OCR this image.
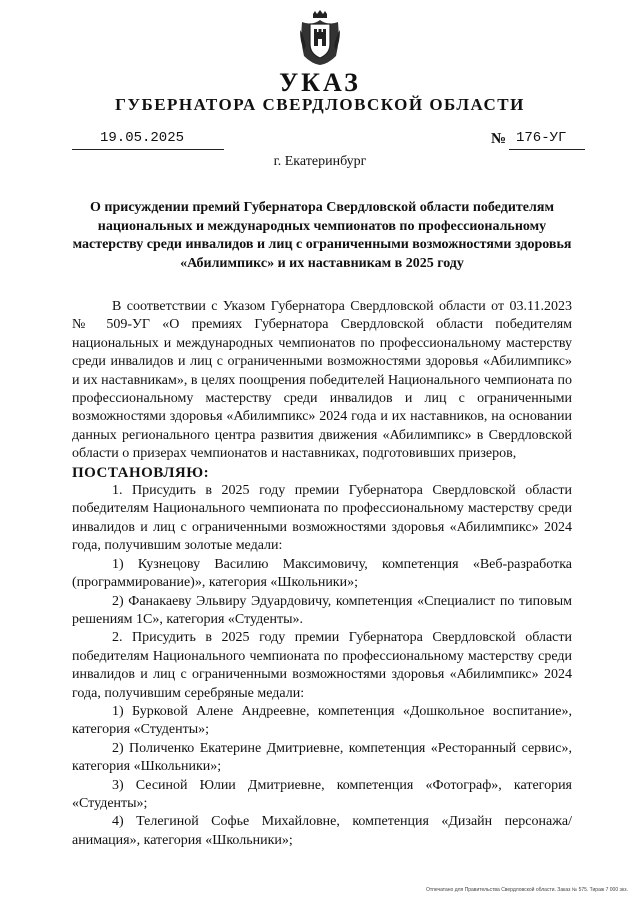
УКАЗ
ГУБЕРНАТОРА СВЕРДЛОВСКОЙ ОБЛАСТИ
19.05.2025	№ 176-УГ
г. Екатеринбург
О присуждении премий Губернатора Свердловской области победителям национальных и международных чемпионатов по профессиональному мастерству среди инвалидов и лиц с ограниченными возможностями здоровья «Абилимпикс» и их наставникам в 2025 году

В соответствии с Указом Губернатора Свердловской области от 03.11.2023 № 509-УГ «О премиях Губернатора Свердловской области победителям национальных и международных чемпионатов по профессиональному мастерству среди инвалидов и лиц с ограниченными возможностями здоровья «Абилимпикс» и их наставникам», в целях поощрения победителей Национального чемпионата по профессиональному мастерству среди инвалидов и лиц с ограниченными возможностями здоровья «Абилимпикс» 2024 года и их наставников, на основании данных регионального центра развития движения «Абилимпикс» в Свердловской области о призерах чемпионатов и наставниках, подготовивших призеров,

ПОСТАНОВЛЯЮ:

1. Присудить в 2025 году премии Губернатора Свердловской области победителям Национального чемпионата по профессиональному мастерству среди инвалидов и лиц с ограниченными возможностями здоровья «Абилимпикс» 2024 года, получившим золотые медали:

1) Кузнецову Василию Максимовичу, компетенция «Веб-разработка (программирование)», категория «Школьники»;

2) Фанакаеву Эльвиру Эдуардовичу, компетенция «Специалист по типовым решениям 1С», категория «Студенты».

2. Присудить в 2025 году премии Губернатора Свердловской области победителям Национального чемпионата по профессиональному мастерству среди инвалидов и лиц с ограниченными возможностями здоровья «Абилимпикс» 2024 года, получившим серебряные медали:

1) Бурковой Алене Андреевне, компетенция «Дошкольное воспитание», категория «Студенты»;

2) Поличенко Екатерине Дмитриевне, компетенция «Ресторанный сервис», категория «Школьники»;

3) Сесиной Юлии Дмитриевне, компетенция «Фотограф», категория «Студенты»;

4) Телегиной Софье Михайловне, компетенция «Дизайн персонажа/анимация», категория «Школьники»;

Отпечатано для Правительства Свердловской области. Заказ № 575. Тираж 7 000 экз.
